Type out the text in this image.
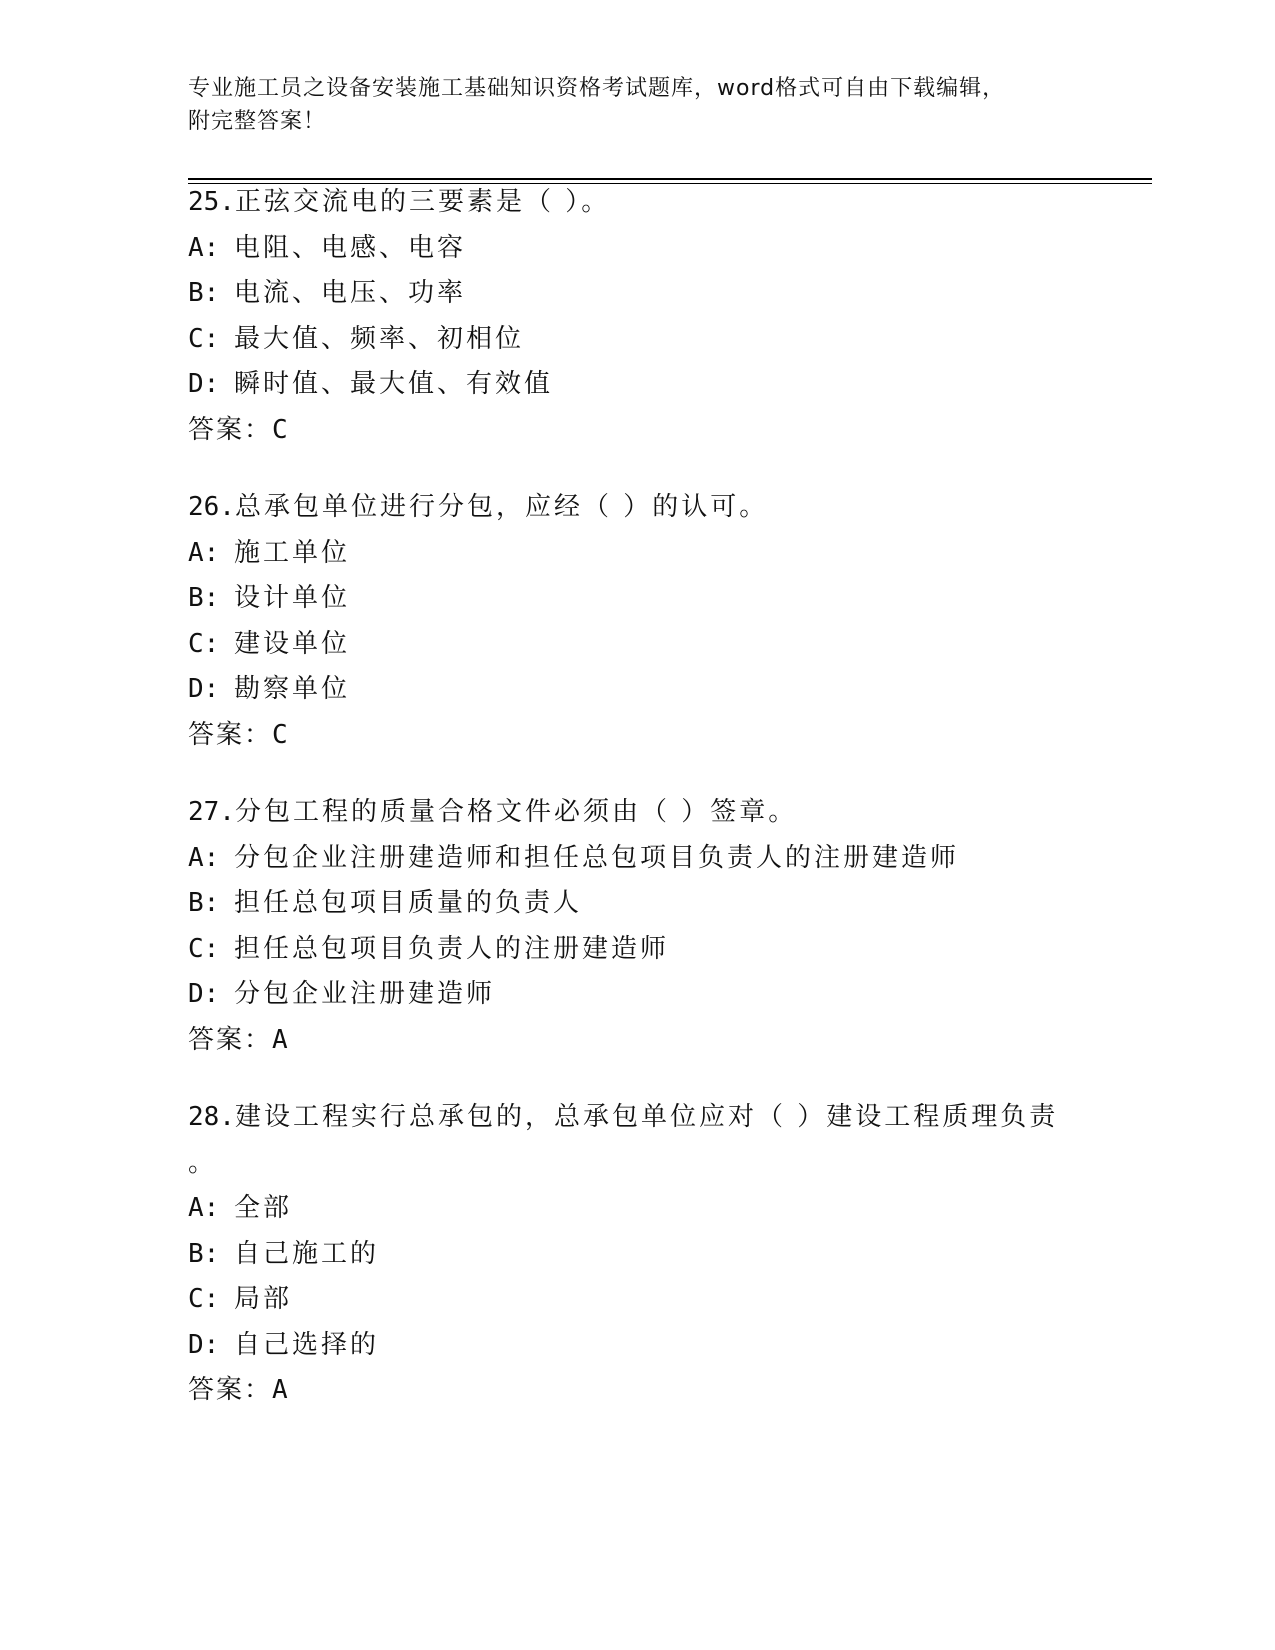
专业施工员之设备安装施工基础知识资格考试题库，word格式可自由下载编辑，
附完整答案！
25.正弦交流电的三要素是（ ）。
A: 电阻、电感、电容
B: 电流、电压、功率
C: 最大值、频率、初相位
D: 瞬时值、最大值、有效值
答案：C
26.总承包单位进行分包，应经（ ）的认可。
A: 施工单位
B: 设计单位
C: 建设单位
D: 勘察单位
答案：C
27.分包工程的质量合格文件必须由（ ）签章。
A: 分包企业注册建造师和担任总包项目负责人的注册建造师
B: 担任总包项目质量的负责人
C: 担任总包项目负责人的注册建造师
D: 分包企业注册建造师
答案：A
28.建设工程实行总承包的，总承包单位应对（ ）建设工程质理负责
。
A: 全部
B: 自己施工的
C: 局部
D: 自己选择的
答案：A
